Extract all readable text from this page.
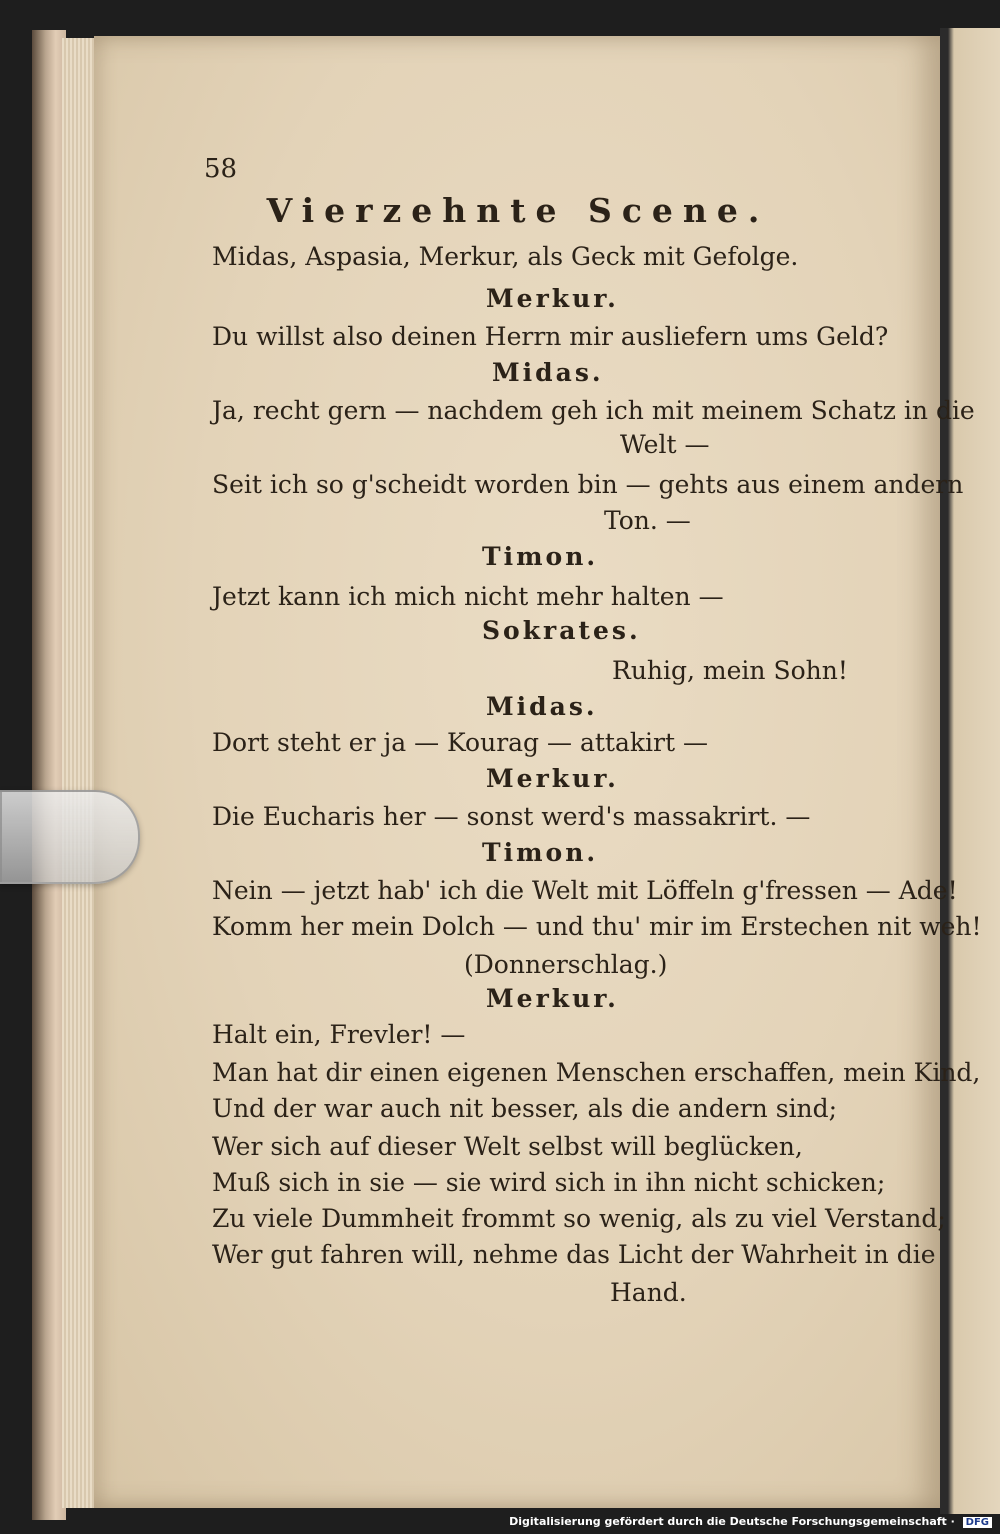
58
Vierzehnte Scene.
Midas, Aspasia, Merkur, als Geck mit Gefolge.
Merkur.
Du willst also deinen Herrn mir ausliefern ums Geld?
Midas.
Ja, recht gern — nachdem geh ich mit meinem Schatz in die
Welt —
Seit ich so g'scheidt worden bin — gehts aus einem andern
Ton. —
Timon.
Jetzt kann ich mich nicht mehr halten —
Sokrates.
Ruhig, mein Sohn!
Midas.
Dort steht er ja — Kourag — attakirt —
Merkur.
Die Eucharis her — sonst werd's massakrirt. —
Timon.
Nein — jetzt hab' ich die Welt mit Löffeln g'fressen — Ade!
Komm her mein Dolch — und thu' mir im Erstechen nit weh!
(Donnerschlag.)
Merkur.
Halt ein, Frevler! —
Man hat dir einen eigenen Menschen erschaffen, mein Kind,
Und der war auch nit besser, als die andern sind;
Wer sich auf dieser Welt selbst will beglücken,
Muß sich in sie — sie wird sich in ihn nicht schicken;
Zu viele Dummheit frommt so wenig, als zu viel Verstand;
Wer gut fahren will, nehme das Licht der Wahrheit in die
Hand.
Digitalisierung gefördert durch die Deutsche Forschungsgemeinschaft · DFG
